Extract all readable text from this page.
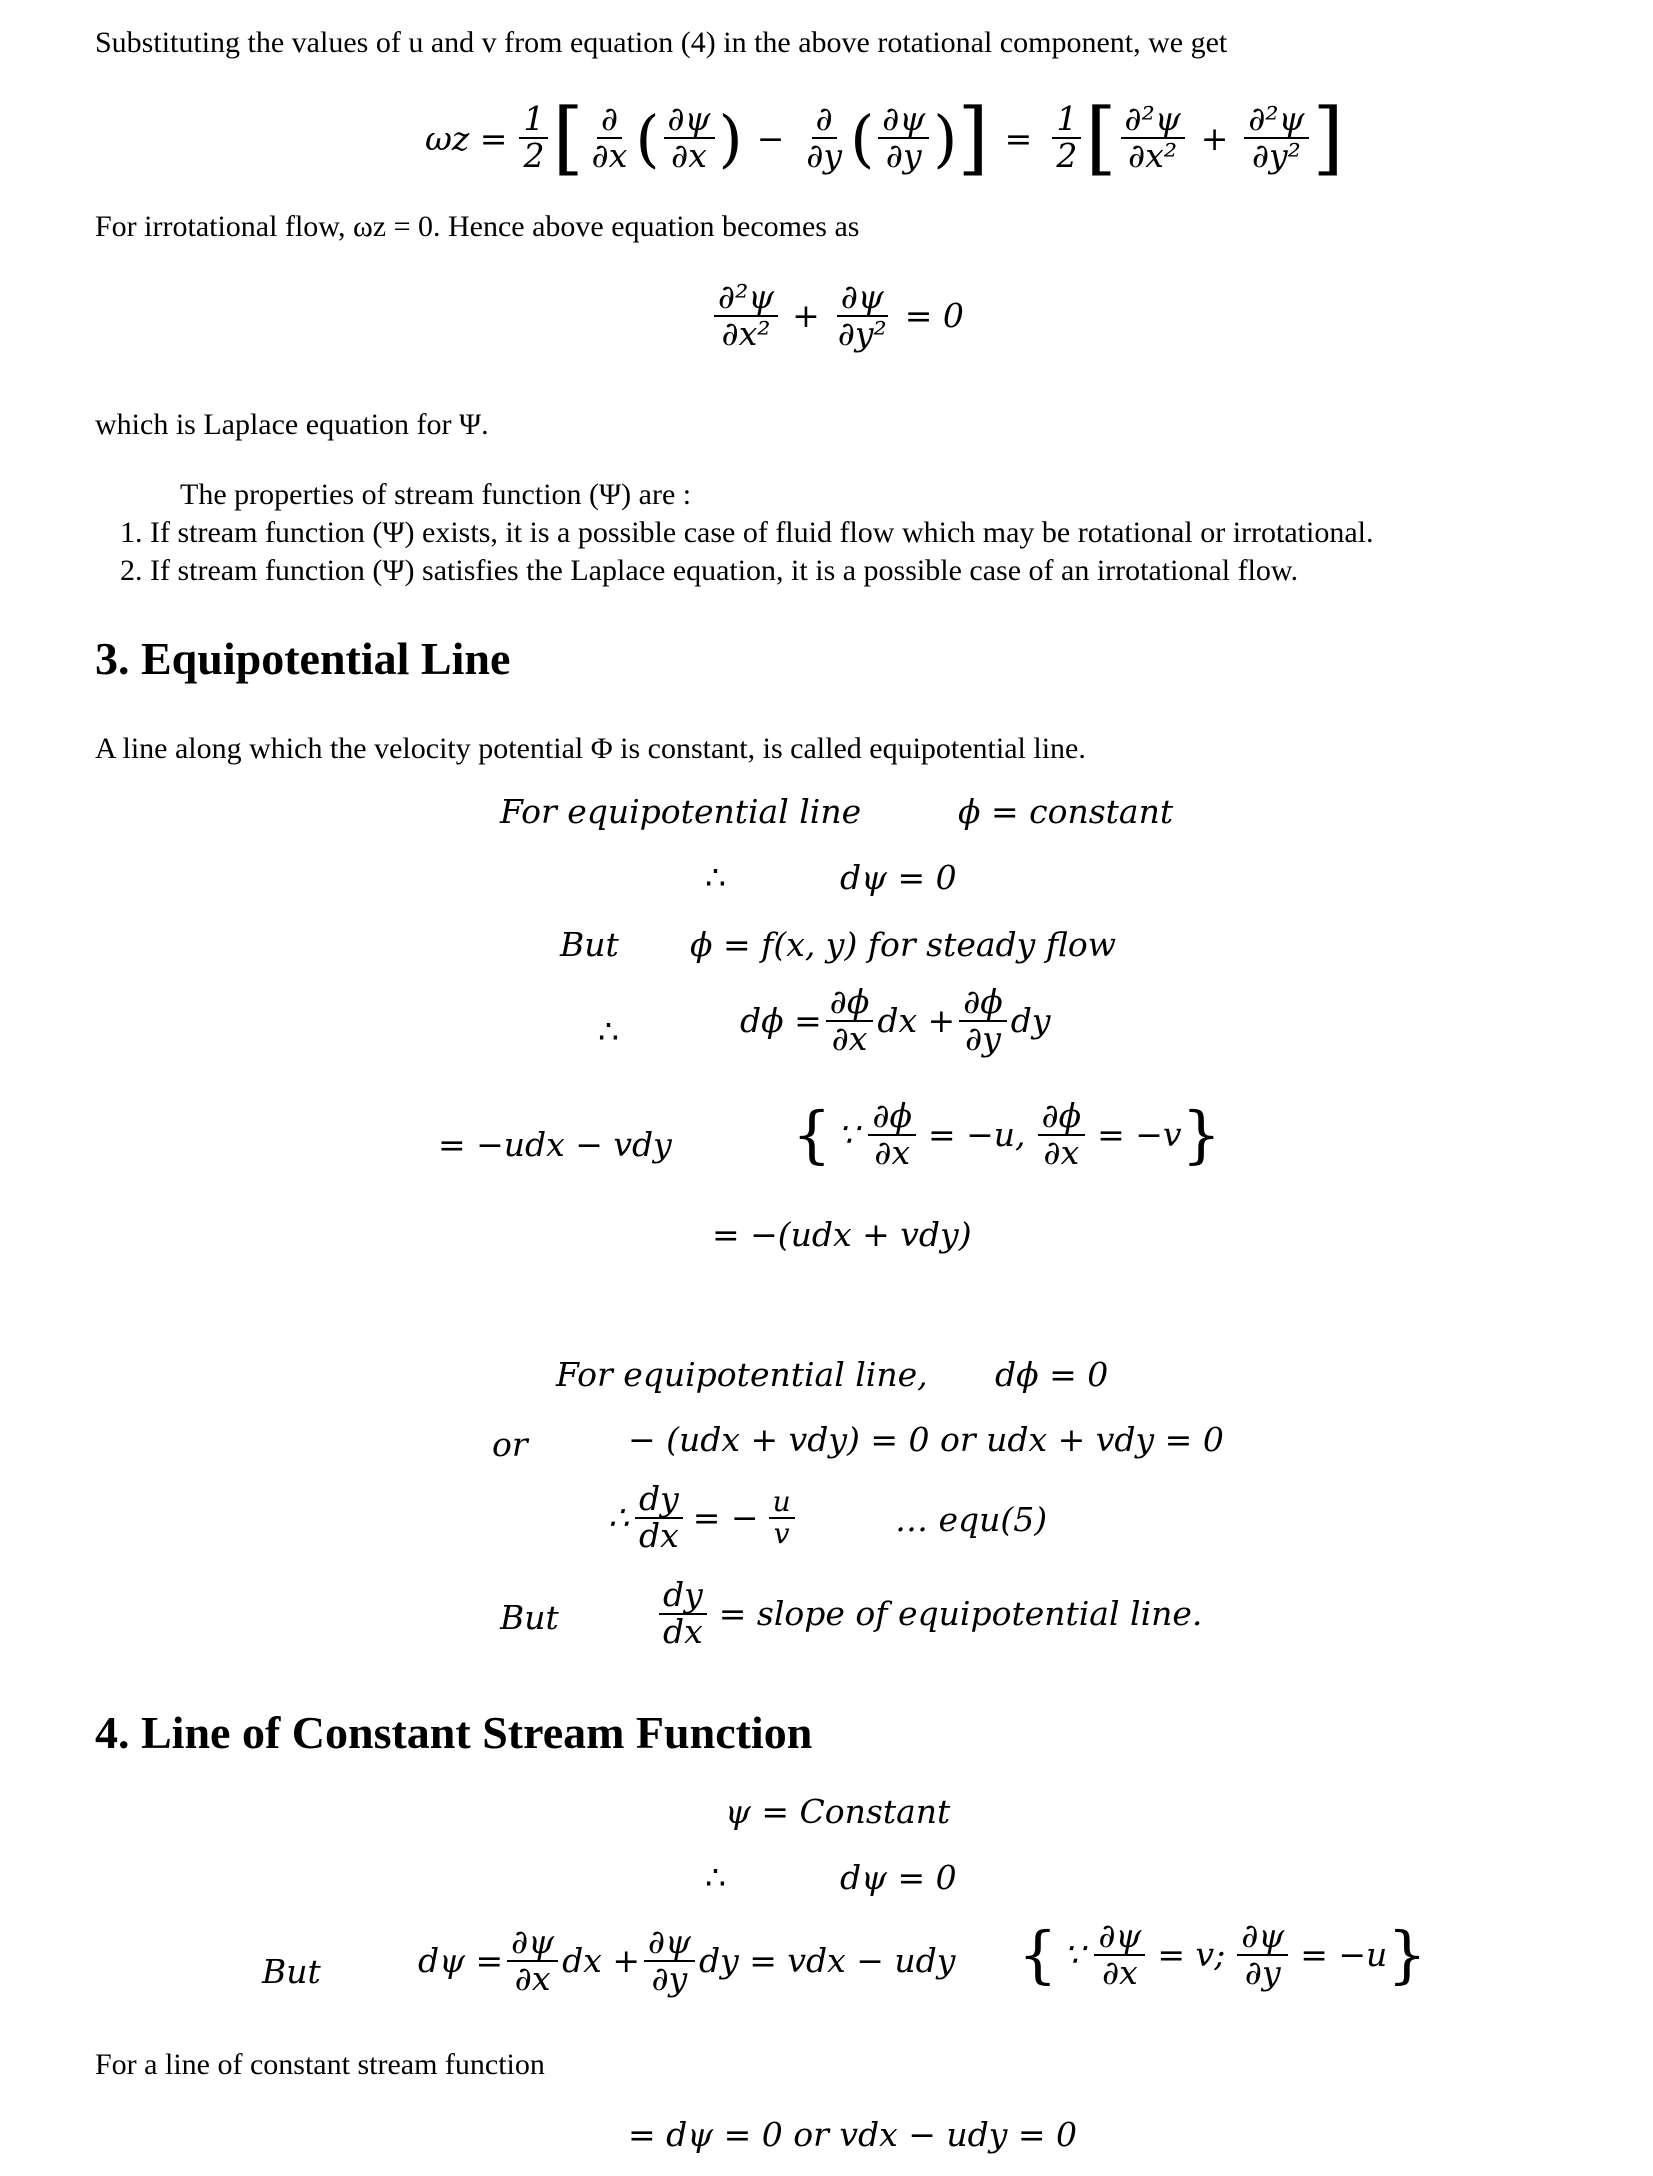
Substituting the values of u and v from equation (4) in the above rotational component, we get
$\omega z = \frac{1}{2}$ [ $\frac{\partial}{\partial x}$ ( $\frac{\partial\psi}{\partial x}$ ) − $\frac{\partial}{\partial y}$ ( $\frac{\partial\psi}{\partial y}$ ) ] = $\frac{1}{2}$ [ $\frac{\text{∂²ψ}}{\text{∂x²}} + \frac{\text{∂²ψ}}{\text{∂y²}}$ ]
For irrotational flow, ωz = 0. Hence above equation becomes as
$\frac{\text{∂²ψ}}{\text{∂x²}} + \frac{\partial\psi}{\text{∂y²}} = 0$
which is Laplace equation for Ψ.
The properties of stream function (Ψ) are :
1. If stream function (Ψ) exists, it is a possible case of fluid flow which may be rotational or irrotational.
2. If stream function (Ψ) satisfies the Laplace equation, it is a possible case of an irrotational flow.
3. Equipotential Line
A line along which the velocity potential Φ is constant, is called equipotential line.
For equipotential line	ϕ = constant
∴	dψ = 0
But ϕ = f(x, y) for steady flow
∴	$d\phi = \frac{\partial\phi}{\partial x}$ dx + $\frac{\partial\phi}{\partial y}$ dy
= −udx − vdy { ∵ $\frac{\partial\phi}{\partial x} = -u$, $\frac{\partial\phi}{\partial x} = -v$ }
= −(udx + vdy)
For equipotential line, dϕ = 0
or	− (udx + vdy) = 0 or udx + vdy = 0
∴ $\frac{dy}{dx}$ = − $\frac{u}{v}$	… equ(5)
But	$\frac{dy}{dx}$ = slope of equipotential line.
4. Line of Constant Stream Function
ψ = Constant
∴	dψ = 0
But	$d\psi = \frac{\partial\psi}{\partial x}$ dx + $\frac{\partial\psi}{\partial y}$ dy = vdx − udy { ∵ $\frac{\partial\psi}{\partial x} = v$; $\frac{\partial\psi}{\partial y} = -u$ }
For a line of constant stream function
= dψ = 0 or vdx − udy = 0
